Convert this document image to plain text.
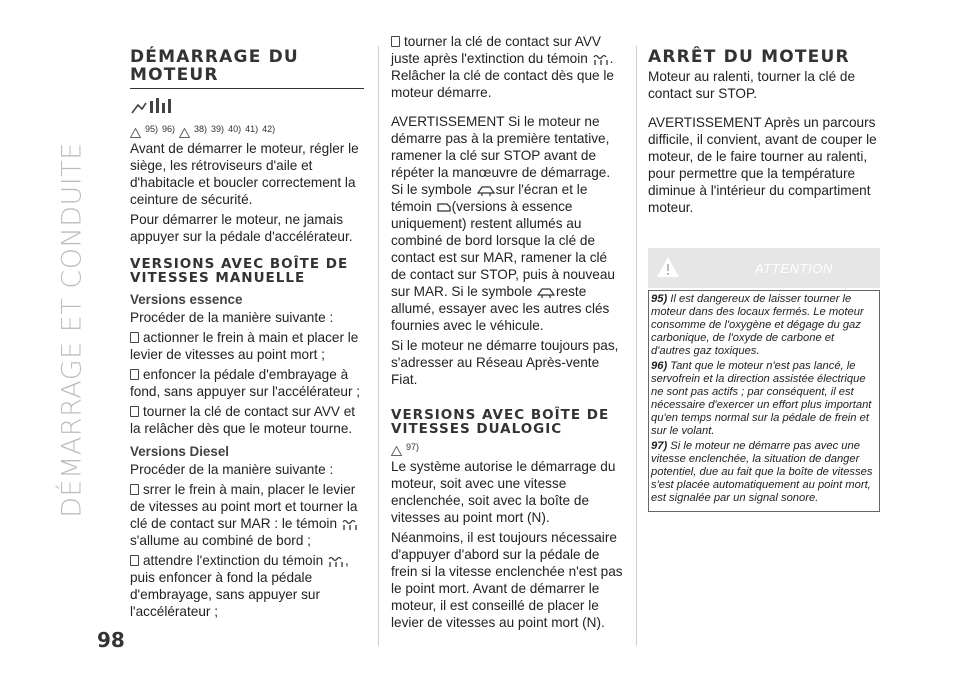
DÉMARRAGE ET CONDUITE
98
DÉMARRAGE DU MOTEUR
95) 96) 38) 39) 40) 41) 42)

Avant de démarrer le moteur, régler le siège, les rétroviseurs d'aile et d'habitacle et boucler correctement la ceinture de sécurité.

Pour démarrer le moteur, ne jamais appuyer sur la pédale d'accélérateur.

VERSIONS AVEC BOÎTE DE VITESSES MANUELLE
Versions essence

Procéder de la manière suivante :

actionner le frein à main et placer le levier de vitesses au point mort ;

enfoncer la pédale d'embrayage à fond, sans appuyer sur l'accélérateur ;

tourner la clé de contact sur AVV et la relâcher dès que le moteur tourne.

Versions Diesel

Procéder de la manière suivante :

srrer le frein à main, placer le levier de vitesses au point mort et tourner la clé de contact sur MAR : le témoin s'allume au combiné de bord ;

attendre l'extinction du témoin , puis enfoncer à fond la pédale d'embrayage, sans appuyer sur l'accélérateur ;

tourner la clé de contact sur AVV juste après l'extinction du témoin . Relâcher la clé de contact dès que le moteur démarre.

AVERTISSEMENT Si le moteur ne démarre pas à la première tentative, ramener la clé sur STOP avant de répéter la manœuvre de démarrage. Si le symbole sur l'écran et le témoin (versions à essence uniquement) restent allumés au combiné de bord lorsque la clé de contact est sur MAR, ramener la clé de contact sur STOP, puis à nouveau sur MAR. Si le symbole reste allumé, essayer avec les autres clés fournies avec le véhicule.

Si le moteur ne démarre toujours pas, s'adresser au Réseau Après-vente Fiat.

VERSIONS AVEC BOÎTE DE VITESSES DUALOGIC
97)

Le système autorise le démarrage du moteur, soit avec une vitesse enclenchée, soit avec la boîte de vitesses au point mort (N).

Néanmoins, il est toujours nécessaire d'appuyer d'abord sur la pédale de frein si la vitesse enclenchée n'est pas le point mort. Avant de démarrer le moteur, il est conseillé de placer le levier de vitesses au point mort (N).

ARRÊT DU MOTEUR

Moteur au ralenti, tourner la clé de contact sur STOP.

AVERTISSEMENT Après un parcours difficile, il convient, avant de couper le moteur, de le faire tourner au ralenti, pour permettre que la température diminue à l'intérieur du compartiment moteur.

ATTENTION

95) Il est dangereux de laisser tourner le moteur dans des locaux fermés. Le moteur consomme de l'oxygène et dégage du gaz carbonique, de l'oxyde de carbone et d'autres gaz toxiques.

96) Tant que le moteur n'est pas lancé, le servofrein et la direction assistée électrique ne sont pas actifs ; par conséquent, il est nécessaire d'exercer un effort plus important qu'en temps normal sur la pédale de frein et sur le volant.

97) Si le moteur ne démarre pas avec une vitesse enclenchée, la situation de danger potentiel, due au fait que la boîte de vitesses s'est placée automatiquement au point mort, est signalée par un signal sonore.
